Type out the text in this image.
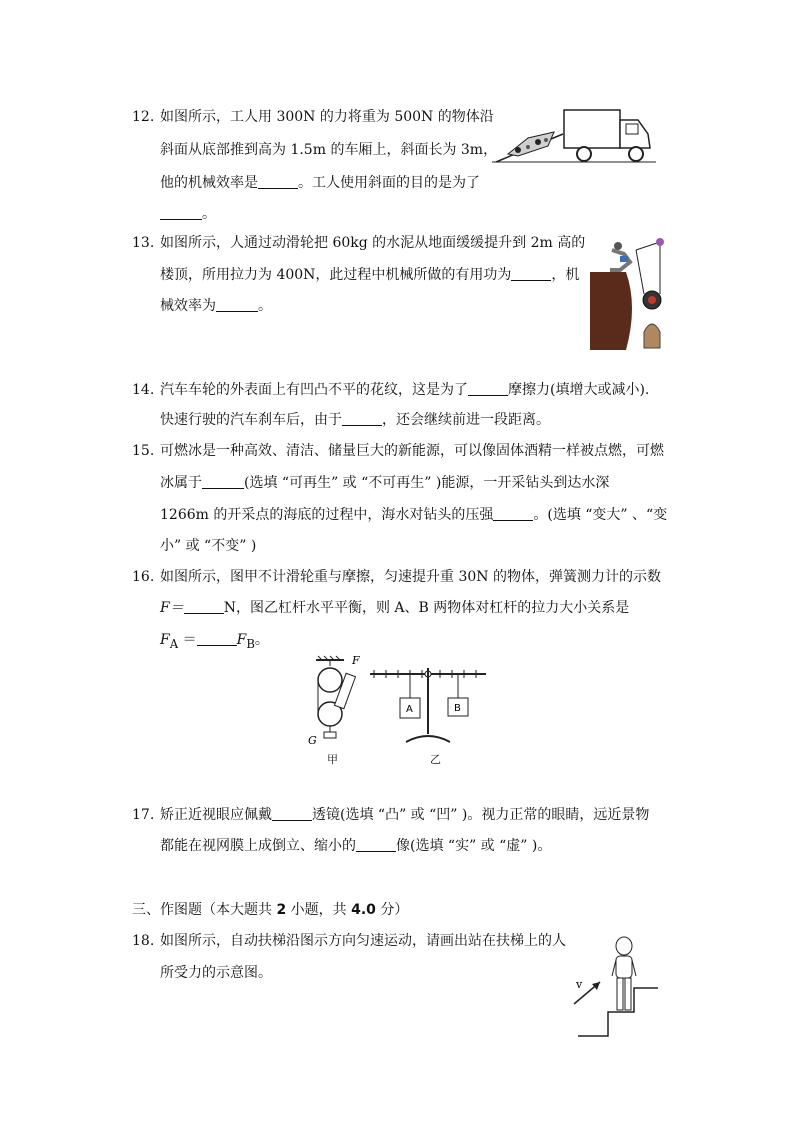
12. 如图所示，工人用 300N 的力将重为 500N 的物体沿
斜面从底部推到高为 1.5m 的车厢上，斜面长为 3m，
他的机械效率是	。工人使用斜面的目的是为了
。
13. 如图所示，人通过动滑轮把 60kg 的水泥从地面缓缓提升到 2m 高的
楼顶，所用拉力为 400N，此过程中机械所做的有用功为	，机
械效率为	。
14. 汽车车轮的外表面上有凹凸不平的花纹，这是为了	摩擦力(填增大或减小).
快速行驶的汽车刹车后，由于	，还会继续前进一段距离。
15. 可燃冰是一种高效、清洁、储量巨大的新能源，可以像固体酒精一样被点燃，可燃
冰属于	(选填 “可再生” 或 “不可再生” )能源，一开采钻头到达水深
1266m 的开采点的海底的过程中，海水对钻头的压强	。(选填 “变大” 、“变
小” 或 “不变” )
16. 如图所示，图甲不计滑轮重与摩擦，匀速提升重 30N 的物体，弹簧测力计的示数
F＝	N，图乙杠杆水平平衡，则 A、B 两物体对杠杆的拉力大小关系是
$F_A$ ＝	$F_B$。
F
G
甲
A	B
乙
17. 矫正近视眼应佩戴	透镜(选填 “凸” 或 “凹” )。视力正常的眼睛，远近景物
都能在视网膜上成倒立、缩小的	像(选填 “实” 或 “虚” )。
三、作图题（本大题共 2 小题，共 4.0 分）
18. 如图所示，自动扶梯沿图示方向匀速运动，请画出站在扶梯上的人
所受力的示意图。
v
